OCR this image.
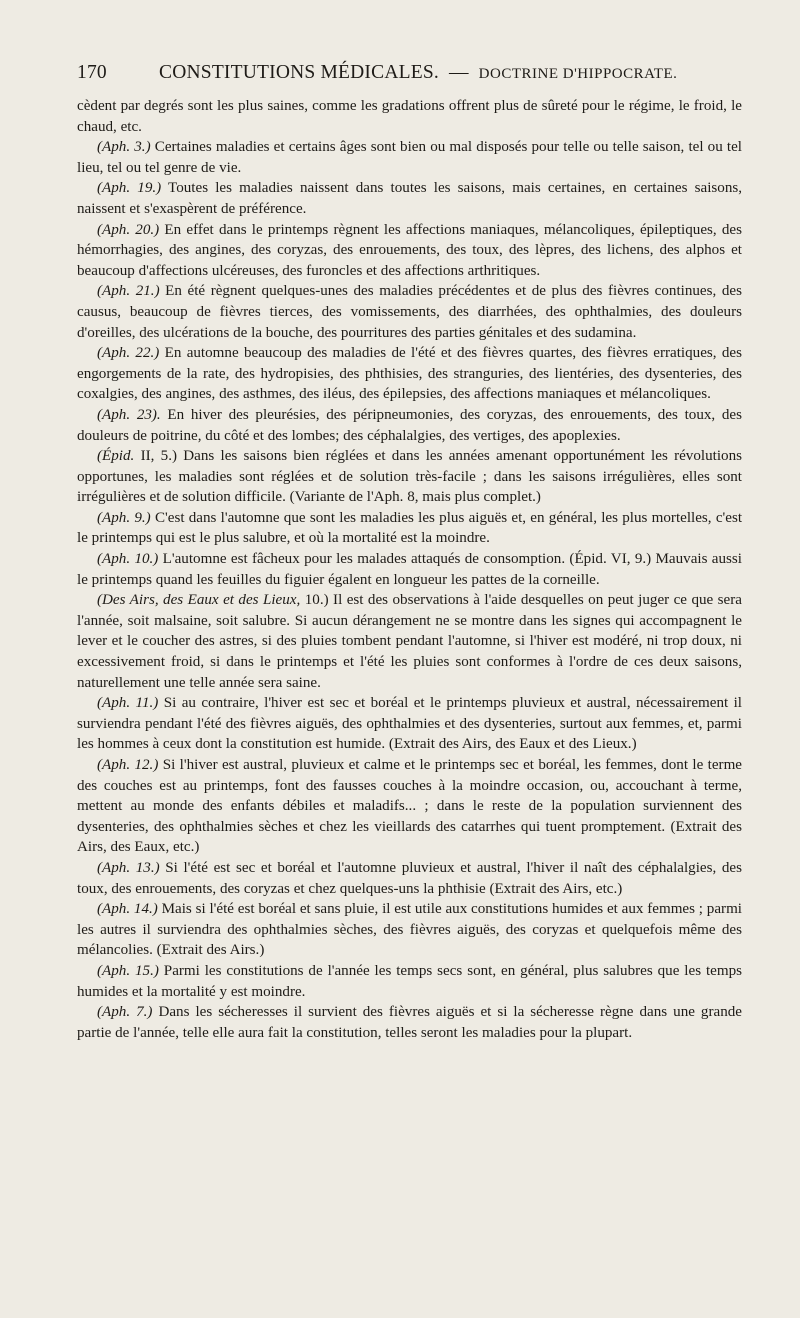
170	CONSTITUTIONS MÉDICALES. — DOCTRINE D'HIPPOCRATE.

cèdent par degrés sont les plus saines, comme les gradations offrent plus de sûreté pour le régime, le froid, le chaud, etc.

(Aph. 3.) Certaines maladies et certains âges sont bien ou mal disposés pour telle ou telle saison, tel ou tel lieu, tel ou tel genre de vie.

(Aph. 19.) Toutes les maladies naissent dans toutes les saisons, mais certaines, en certaines saisons, naissent et s'exaspèrent de préférence.

(Aph. 20.) En effet dans le printemps règnent les affections maniaques, mélancoliques, épileptiques, des hémorrhagies, des angines, des coryzas, des enrouements, des toux, des lèpres, des lichens, des alphos et beaucoup d'affections ulcéreuses, des furoncles et des affections arthritiques.

(Aph. 21.) En été règnent quelques-unes des maladies précédentes et de plus des fièvres continues, des causus, beaucoup de fièvres tierces, des vomissements, des diarrhées, des ophthalmies, des douleurs d'oreilles, des ulcérations de la bouche, des pourritures des parties génitales et des sudamina.

(Aph. 22.) En automne beaucoup des maladies de l'été et des fièvres quartes, des fièvres erratiques, des engorgements de la rate, des hydropisies, des phthisies, des stranguries, des lientéries, des dysenteries, des coxalgies, des angines, des asthmes, des iléus, des épilepsies, des affections maniaques et mélancoliques.

(Aph. 23). En hiver des pleurésies, des péripneumonies, des coryzas, des enrouements, des toux, des douleurs de poitrine, du côté et des lombes; des céphalalgies, des vertiges, des apoplexies.

(Épid. II, 5.) Dans les saisons bien réglées et dans les années amenant opportunément les révolutions opportunes, les maladies sont réglées et de solution très-facile ; dans les saisons irrégulières, elles sont irrégulières et de solution difficile. (Variante de l'Aph. 8, mais plus complet.)

(Aph. 9.) C'est dans l'automne que sont les maladies les plus aiguës et, en général, les plus mortelles, c'est le printemps qui est le plus salubre, et où la mortalité est la moindre.

(Aph. 10.) L'automne est fâcheux pour les malades attaqués de consomption. (Épid. VI, 9.) Mauvais aussi le printemps quand les feuilles du figuier égalent en longueur les pattes de la corneille.

(Des Airs, des Eaux et des Lieux, 10.) Il est des observations à l'aide desquelles on peut juger ce que sera l'année, soit malsaine, soit salubre. Si aucun dérangement ne se montre dans les signes qui accompagnent le lever et le coucher des astres, si des pluies tombent pendant l'automne, si l'hiver est modéré, ni trop doux, ni excessivement froid, si dans le printemps et l'été les pluies sont conformes à l'ordre de ces deux saisons, naturellement une telle année sera saine.

(Aph. 11.) Si au contraire, l'hiver est sec et boréal et le printemps pluvieux et austral, nécessairement il surviendra pendant l'été des fièvres aiguës, des ophthalmies et des dysenteries, surtout aux femmes, et, parmi les hommes à ceux dont la constitution est humide. (Extrait des Airs, des Eaux et des Lieux.)

(Aph. 12.) Si l'hiver est austral, pluvieux et calme et le printemps sec et boréal, les femmes, dont le terme des couches est au printemps, font des fausses couches à la moindre occasion, ou, accouchant à terme, mettent au monde des enfants débiles et maladifs... ; dans le reste de la population surviennent des dysenteries, des ophthalmies sèches et chez les vieillards des catarrhes qui tuent promptement. (Extrait des Airs, des Eaux, etc.)

(Aph. 13.) Si l'été est sec et boréal et l'automne pluvieux et austral, l'hiver il naît des céphalalgies, des toux, des enrouements, des coryzas et chez quelques-uns la phthisie (Extrait des Airs, etc.)

(Aph. 14.) Mais si l'été est boréal et sans pluie, il est utile aux constitutions humides et aux femmes ; parmi les autres il surviendra des ophthalmies sèches, des fièvres aiguës, des coryzas et quelquefois même des mélancolies. (Extrait des Airs.)

(Aph. 15.) Parmi les constitutions de l'année les temps secs sont, en général, plus salubres que les temps humides et la mortalité y est moindre.

(Aph. 7.) Dans les sécheresses il survient des fièvres aiguës et si la sécheresse règne dans une grande partie de l'année, telle elle aura fait la constitution, telles seront les maladies pour la plupart.
